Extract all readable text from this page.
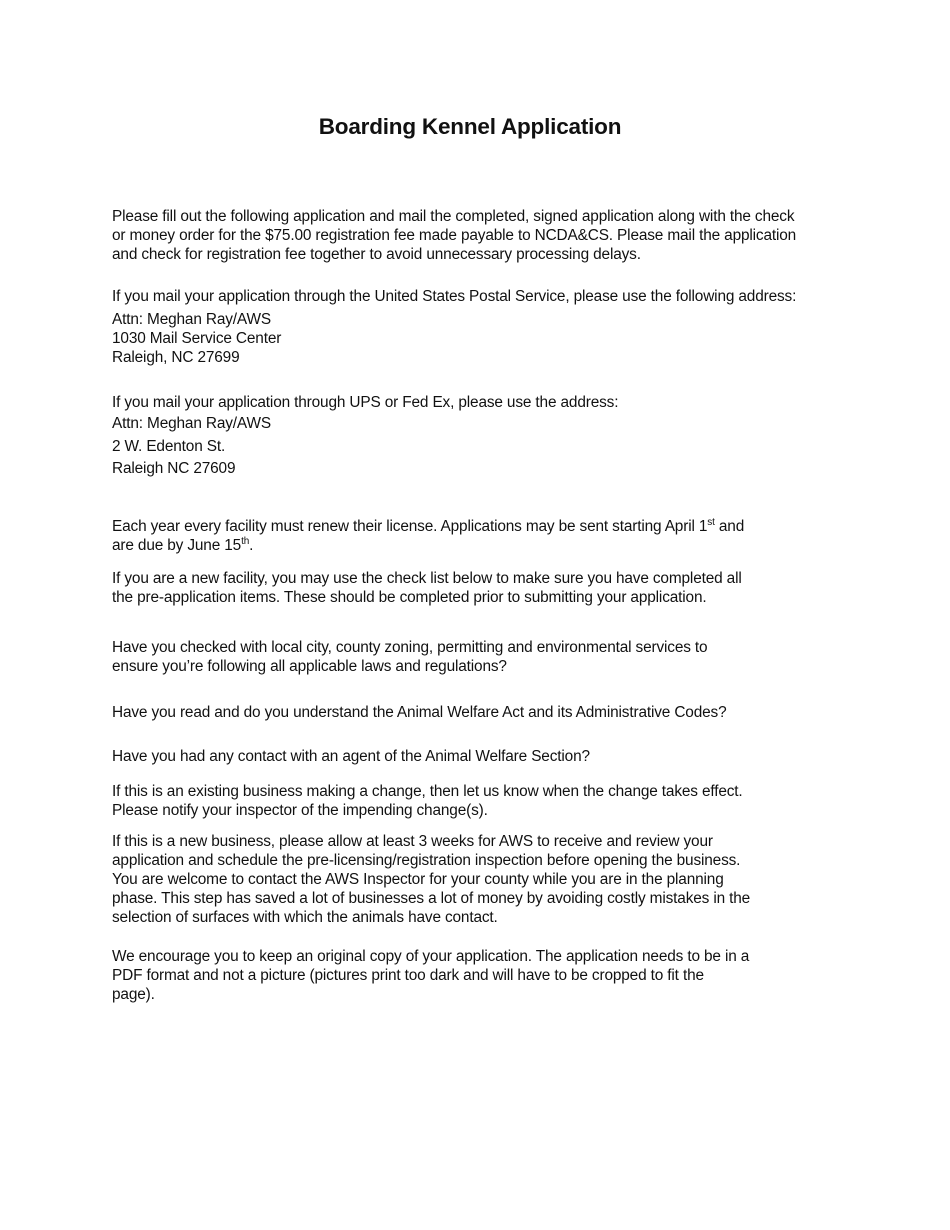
Boarding Kennel Application

Please fill out the following application and mail the completed, signed application along with the check
or money order for the $75.00 registration fee made payable to NCDA&CS. Please mail the application
and check for registration fee together to avoid unnecessary processing delays.

If you mail your application through the United States Postal Service, please use the following address:

Attn: Meghan Ray/AWS
1030 Mail Service Center
Raleigh, NC 27699

If you mail your application through UPS or Fed Ex, please use the address:

Attn: Meghan Ray/AWS
2 W. Edenton St.
Raleigh NC 27609

Each year every facility must renew their license. Applications may be sent starting April 1st and
are due by June 15th.

If you are a new facility, you may use the check list below to make sure you have completed all
the pre-application items. These should be completed prior to submitting your application.

Have you checked with local city, county zoning, permitting and environmental services to
ensure you’re following all applicable laws and regulations?

Have you read and do you understand the Animal Welfare Act and its Administrative Codes?

Have you had any contact with an agent of the Animal Welfare Section?

If this is an existing business making a change, then let us know when the change takes effect.
Please notify your inspector of the impending change(s).

If this is a new business, please allow at least 3 weeks for AWS to receive and review your
application and schedule the pre-licensing/registration inspection before opening the business.
You are welcome to contact the AWS Inspector for your county while you are in the planning
phase. This step has saved a lot of businesses a lot of money by avoiding costly mistakes in the
selection of surfaces with which the animals have contact.

We encourage you to keep an original copy of your application. The application needs to be in a
PDF format and not a picture (pictures print too dark and will have to be cropped to fit the
page).
